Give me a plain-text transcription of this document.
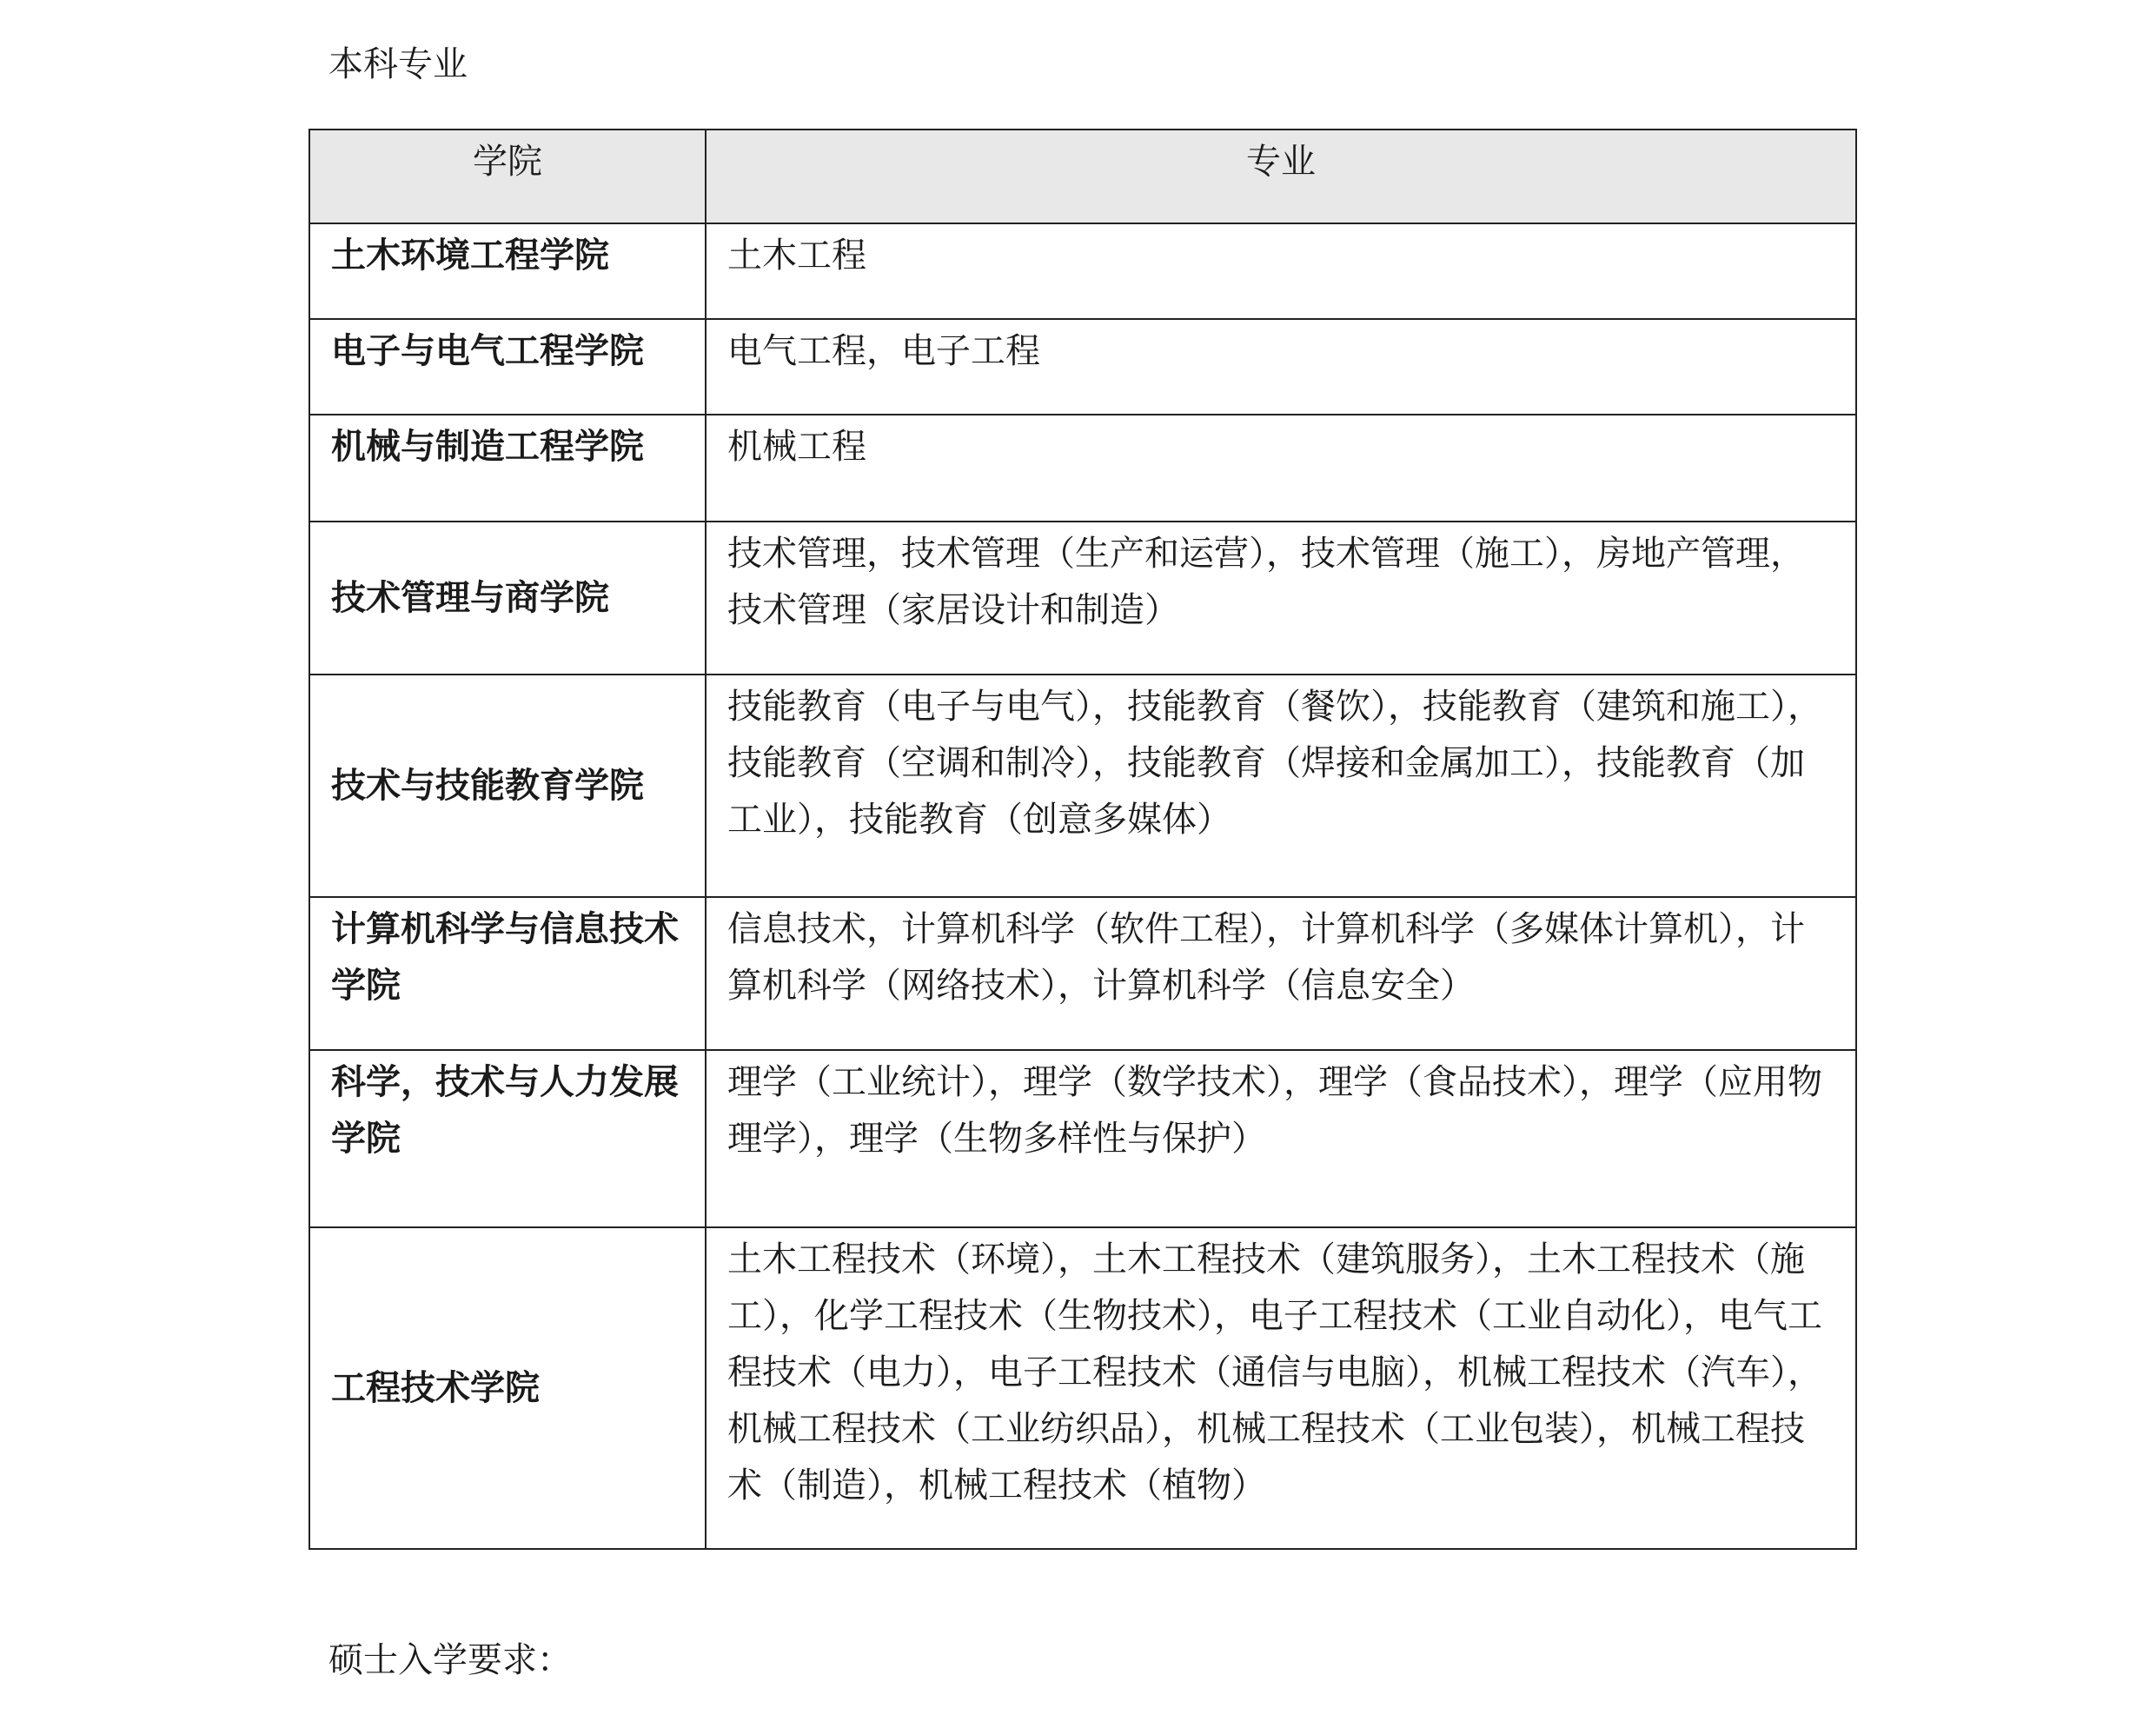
本科专业
学院	专业
土木环境工程学院	土木工程
电子与电气工程学院	电气工程，电子工程
机械与制造工程学院	机械工程
技术管理与商学院	技术管理，技术管理（生产和运营），技术管理（施工），房地产管理，技术管理（家居设计和制造）
技术与技能教育学院	技能教育（电子与电气），技能教育（餐饮），技能教育（建筑和施工），技能教育（空调和制冷），技能教育（焊接和金属加工），技能教育（加工业），技能教育（创意多媒体）
计算机科学与信息技术学院	信息技术，计算机科学（软件工程），计算机科学（多媒体计算机），计算机科学（网络技术），计算机科学（信息安全）
科学，技术与人力发展学院	理学（工业统计），理学（数学技术），理学（食品技术），理学（应用物理学），理学（生物多样性与保护）
工程技术学院	土木工程技术（环境），土木工程技术（建筑服务），土木工程技术（施工），化学工程技术（生物技术），电子工程技术（工业自动化），电气工程技术（电力），电子工程技术（通信与电脑），机械工程技术（汽车），机械工程技术（工业纺织品），机械工程技术（工业包装），机械工程技术（制造），机械工程技术（植物）
硕士入学要求：
